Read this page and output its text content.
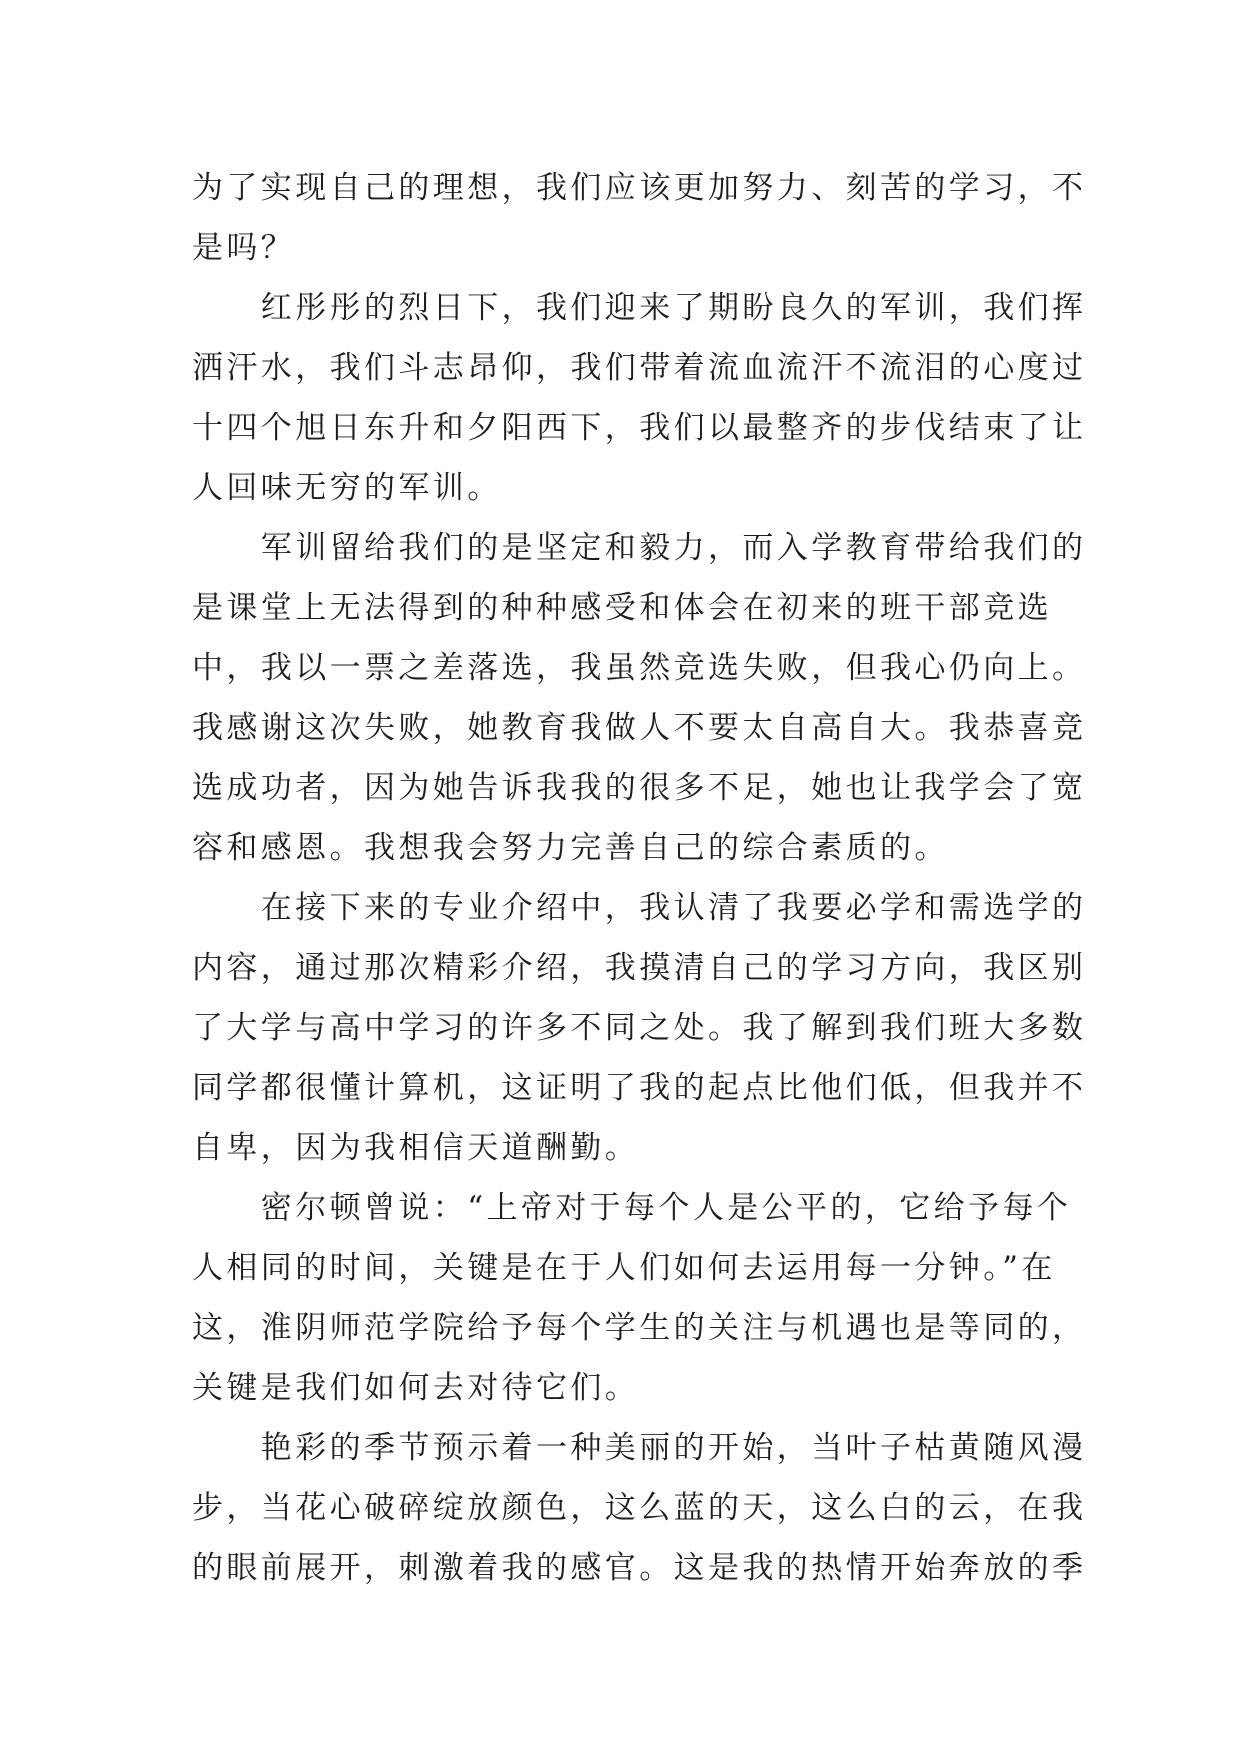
为了实现自己的理想，我们应该更加努力、刻苦的学习，不
是吗？
　　红彤彤的烈日下，我们迎来了期盼良久的军训，我们挥
洒汗水，我们斗志昂仰，我们带着流血流汗不流泪的心度过
十四个旭日东升和夕阳西下，我们以最整齐的步伐结束了让
人回味无穷的军训。
　　军训留给我们的是坚定和毅力，而入学教育带给我们的
是课堂上无法得到的种种感受和体会在初来的班干部竞选
中，我以一票之差落选，我虽然竞选失败，但我心仍向上。
我感谢这次失败，她教育我做人不要太自高自大。我恭喜竞
选成功者，因为她告诉我我的很多不足，她也让我学会了宽
容和感恩。我想我会努力完善自己的综合素质的。
　　在接下来的专业介绍中，我认清了我要必学和需选学的
内容，通过那次精彩介绍，我摸清自己的学习方向，我区别
了大学与高中学习的许多不同之处。我了解到我们班大多数
同学都很懂计算机，这证明了我的起点比他们低，但我并不
自卑，因为我相信天道酬勤。
　　密尔顿曾说：“上帝对于每个人是公平的，它给予每个
人相同的时间，关键是在于人们如何去运用每一分钟。”在
这，淮阴师范学院给予每个学生的关注与机遇也是等同的，
关键是我们如何去对待它们。
　　艳彩的季节预示着一种美丽的开始，当叶子枯黄随风漫
步，当花心破碎绽放颜色，这么蓝的天，这么白的云，在我
的眼前展开，刺激着我的感官。这是我的热情开始奔放的季
